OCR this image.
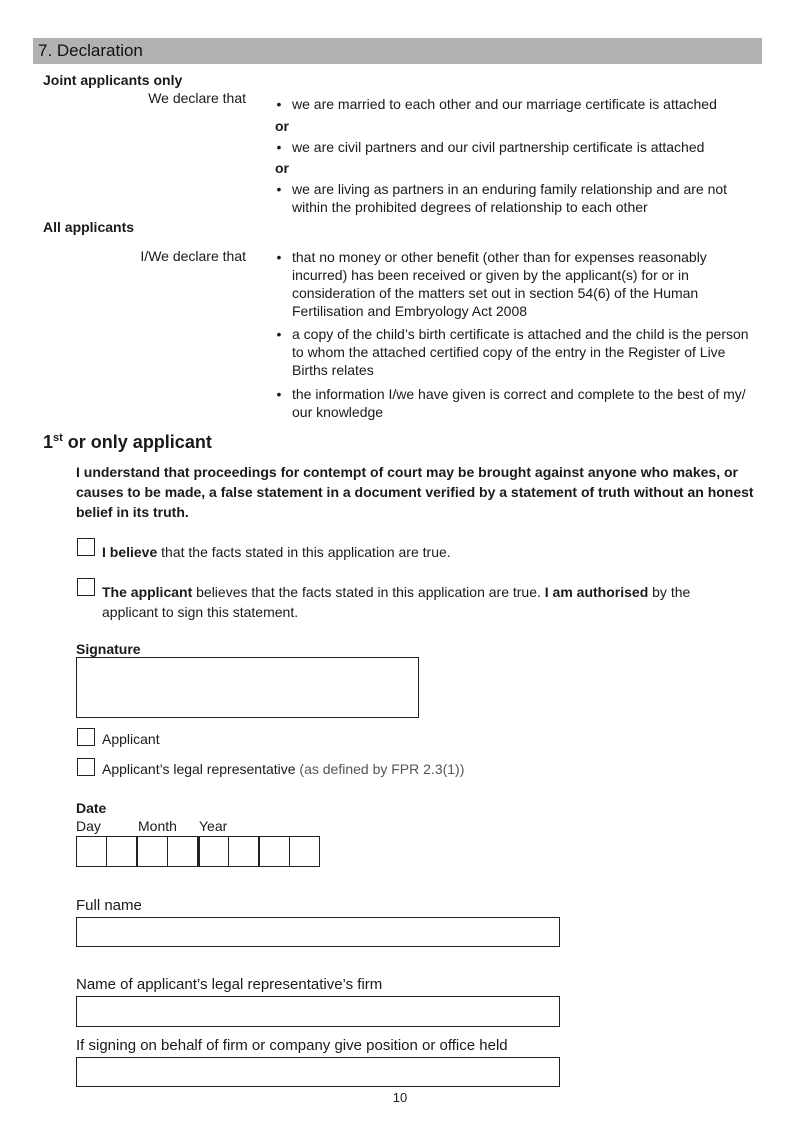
7. Declaration
Joint applicants only
We declare that • we are married to each other and our marriage certificate is attached
or
• we are civil partners and our civil partnership certificate is attached
or
• we are living as partners in an enduring family relationship and are not within the prohibited degrees of relationship to each other
All applicants
I/We declare that • that no money or other benefit (other than for expenses reasonably incurred) has been received or given by the applicant(s) for or in consideration of the matters set out in section 54(6) of the Human Fertilisation and Embryology Act 2008
• a copy of the child’s birth certificate is attached and the child is the person to whom the attached certified copy of the entry in the Register of Live Births relates
• the information I/we have given is correct and complete to the best of my/ our knowledge
1st or only applicant
I understand that proceedings for contempt of court may be brought against anyone who makes, or causes to be made, a false statement in a document verified by a statement of truth without an honest belief in its truth.
I believe that the facts stated in this application are true.
The applicant believes that the facts stated in this application are true. I am authorised by the applicant to sign this statement.
Signature
Applicant
Applicant’s legal representative (as defined by FPR 2.3(1))
Date
Day	Month Year
Full name
Name of applicant’s legal representative’s firm
If signing on behalf of firm or company give position or office held
10
